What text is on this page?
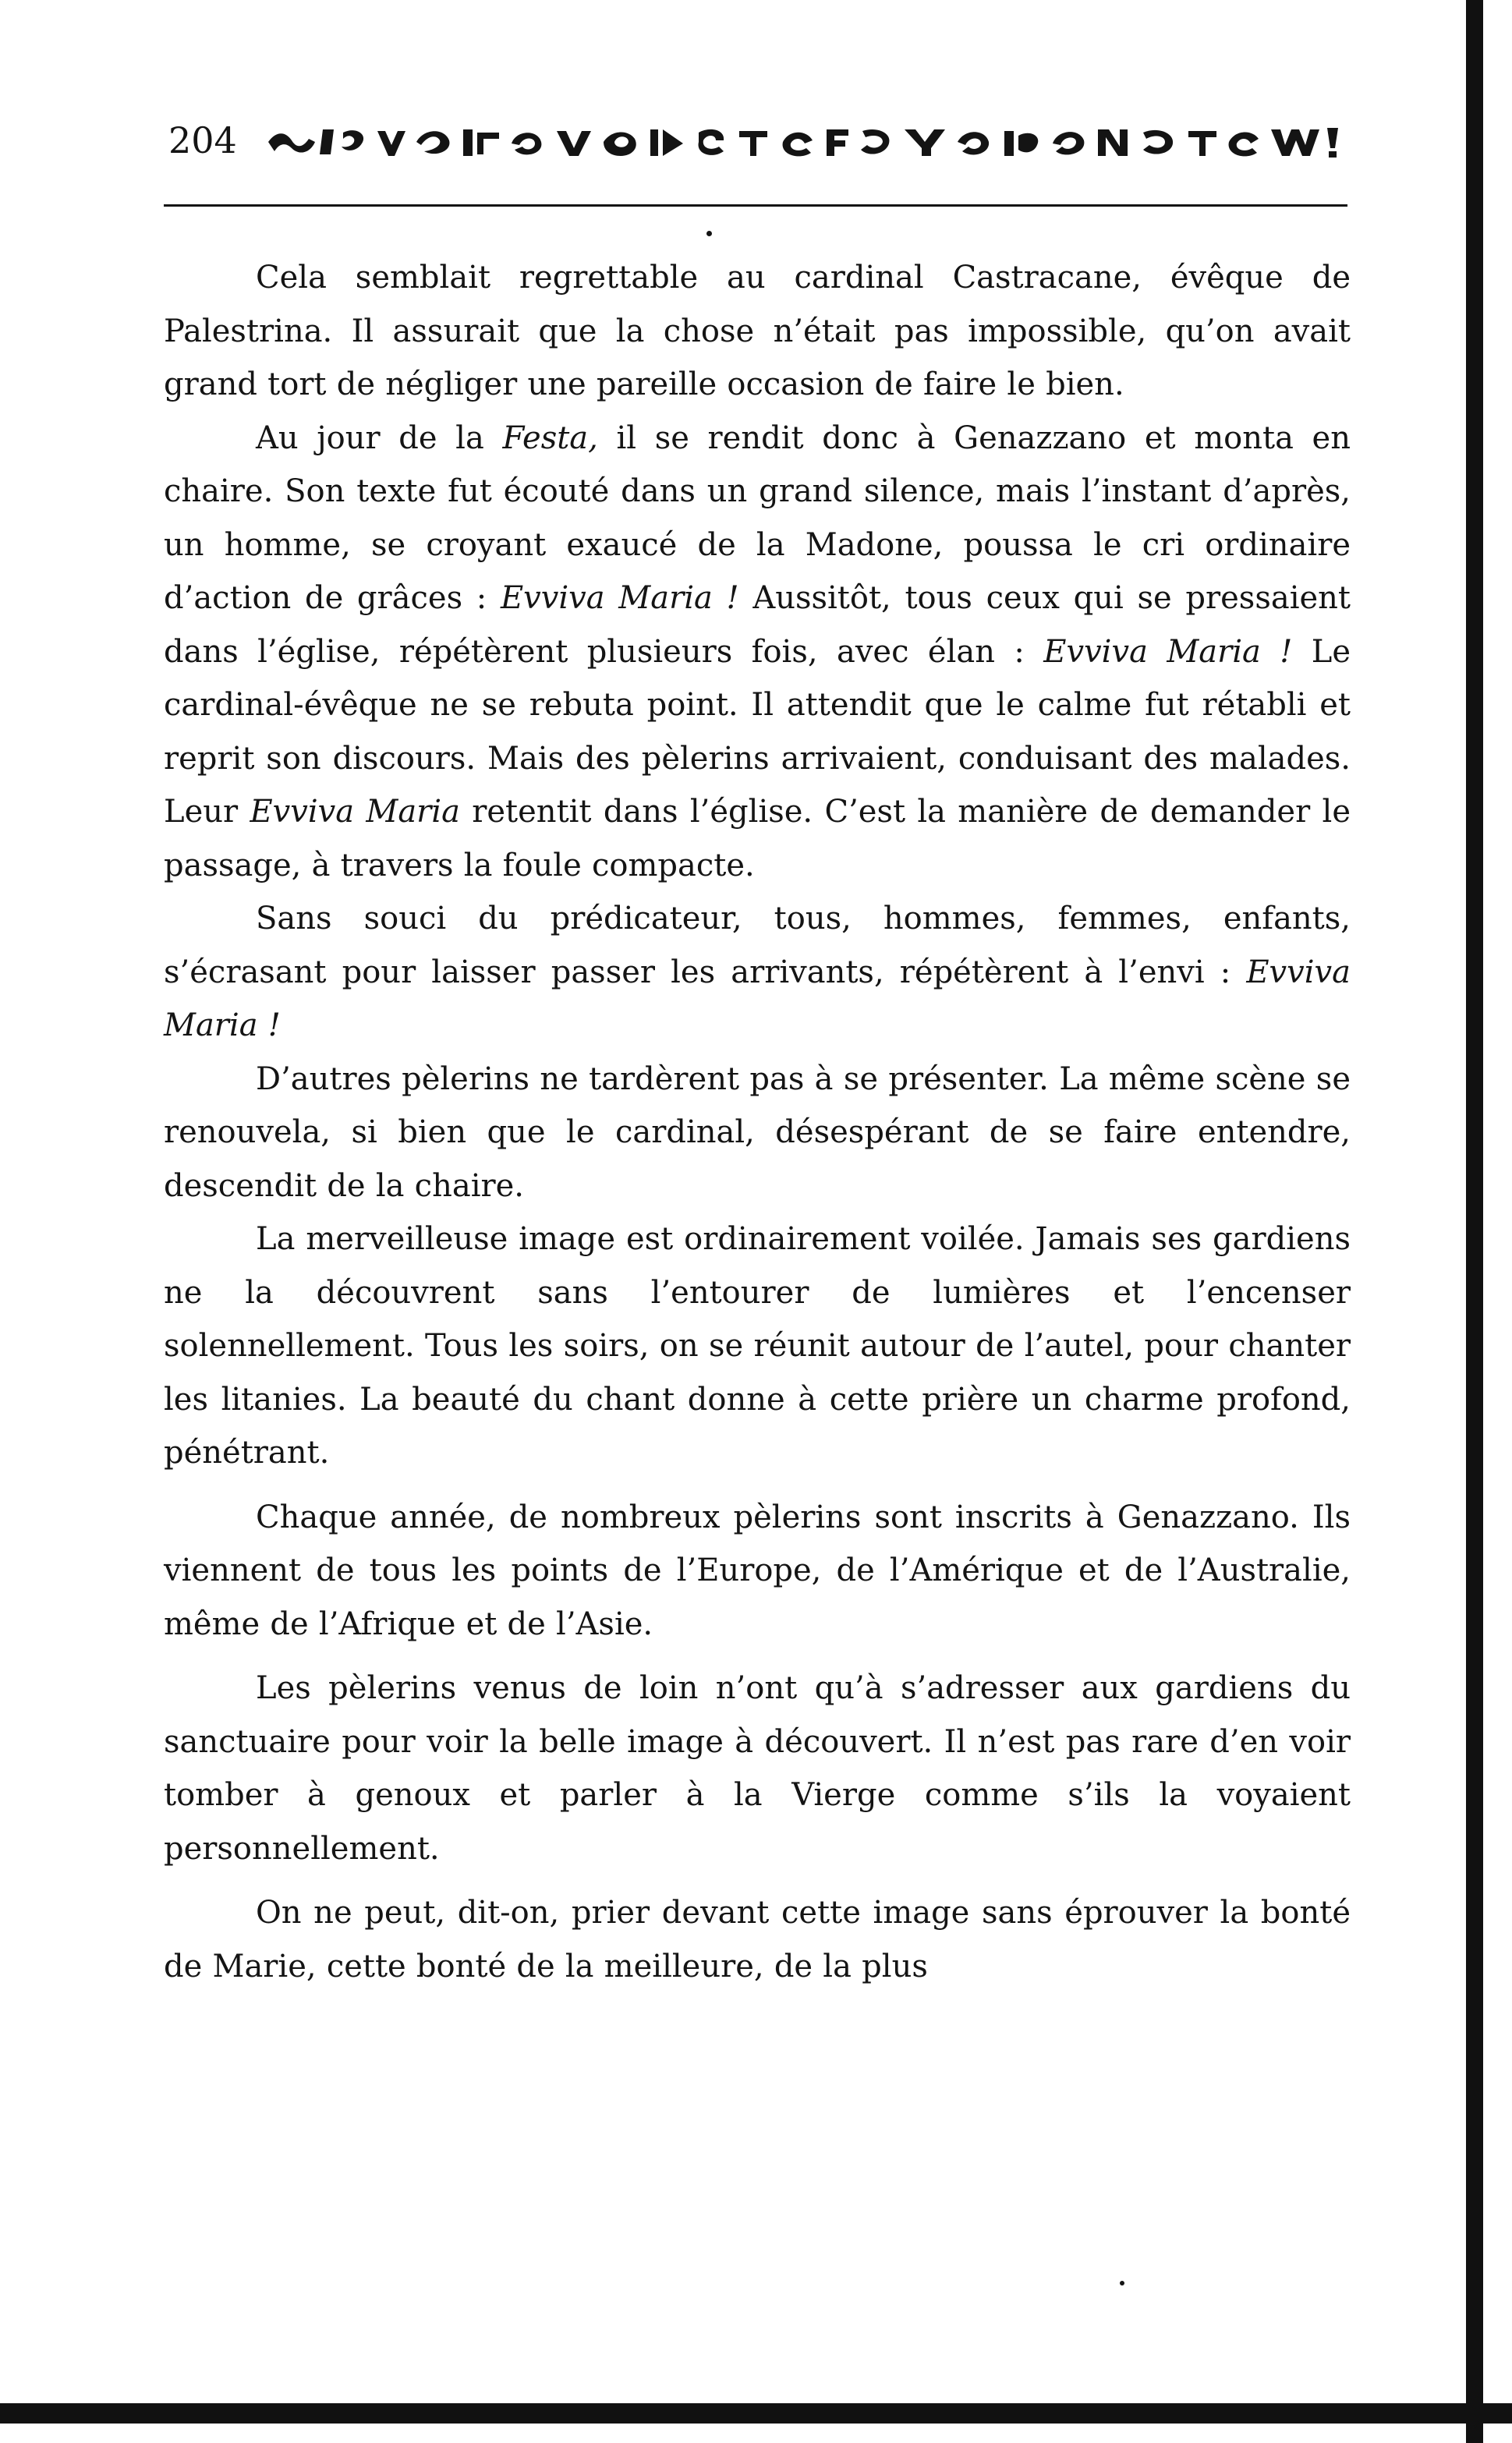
204

Cela semblait regrettable au cardinal Castracane, évêque de Palestrina. Il assurait que la chose n’était pas impossible, qu’on avait grand tort de négliger une pareille occasion de faire le bien.

Au jour de la Festa, il se rendit donc à Genazzano et monta en chaire. Son texte fut écouté dans un grand silence, mais l’instant d’après, un homme, se croyant exaucé de la Madone, poussa le cri ordinaire d’action de grâces : Evviva Maria ! Aussitôt, tous ceux qui se pressaient dans l’église, répétèrent plusieurs fois, avec élan : Evviva Maria ! Le cardinal-évêque ne se rebuta point. Il attendit que le calme fut rétabli et reprit son discours. Mais des pèlerins arrivaient, conduisant des malades. Leur Evviva Maria retentit dans l’église. C’est la manière de demander le passage, à travers la foule compacte.

Sans souci du prédicateur, tous, hommes, femmes, enfants, s’écrasant pour laisser passer les arrivants, répétèrent à l’envi : Evviva Maria !

D’autres pèlerins ne tardèrent pas à se présenter. La même scène se renouvela, si bien que le cardinal, désespérant de se faire entendre, descendit de la chaire.

La merveilleuse image est ordinairement voilée. Jamais ses gardiens ne la découvrent sans l’entourer de lumières et l’encenser solennellement. Tous les soirs, on se réunit autour de l’autel, pour chanter les litanies. La beauté du chant donne à cette prière un charme profond, pénétrant.

Chaque année, de nombreux pèlerins sont inscrits à Genazzano. Ils viennent de tous les points de l’Europe, de l’Amérique et de l’Australie, même de l’Afrique et de l’Asie.

Les pèlerins venus de loin n’ont qu’à s’adresser aux gardiens du sanctuaire pour voir la belle image à découvert. Il n’est pas rare d’en voir tomber à genoux et parler à la Vierge comme s’ils la voyaient personnellement.

On ne peut, dit-on, prier devant cette image sans éprouver la bonté de Marie, cette bonté de la meilleure, de la plus
